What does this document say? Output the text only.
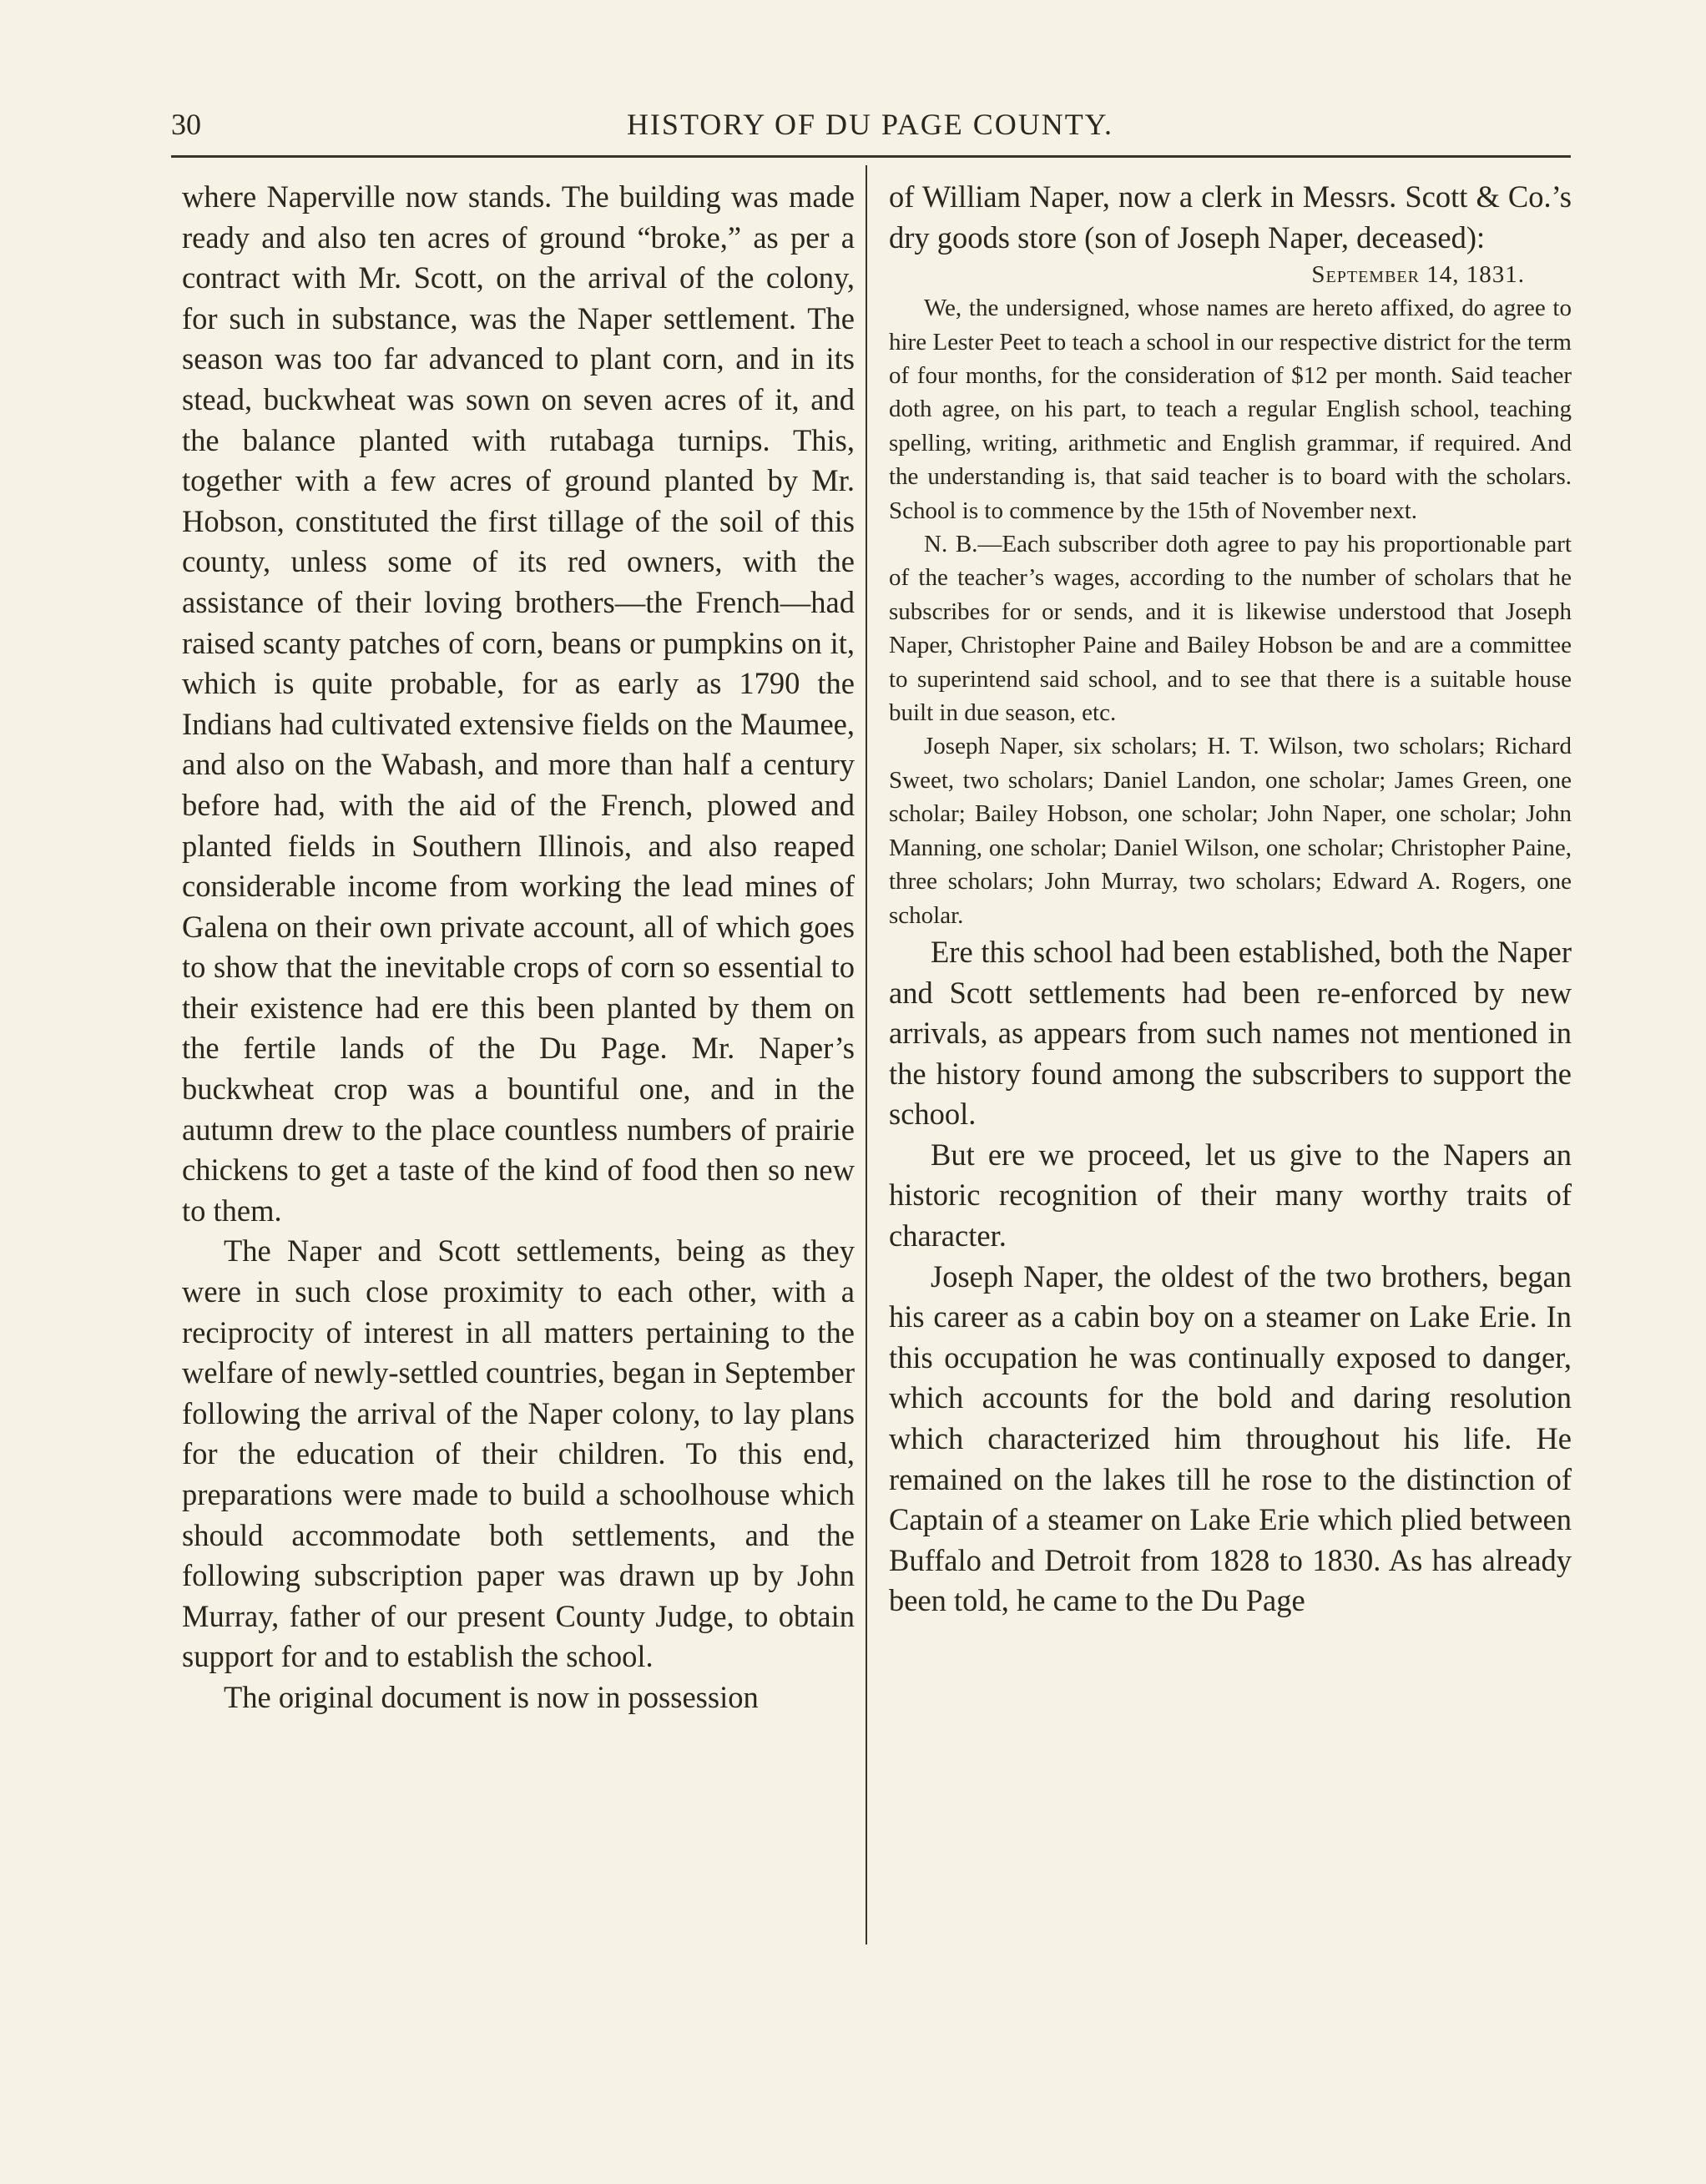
30	HISTORY OF DU PAGE COUNTY.

where Naperville now stands. The building was made ready and also ten acres of ground “broke,” as per a contract with Mr. Scott, on the arrival of the colony, for such in substance, was the Naper settlement. The season was too far advanced to plant corn, and in its stead, buckwheat was sown on seven acres of it, and the balance planted with rutabaga turnips. This, together with a few acres of ground planted by Mr. Hobson, constituted the first tillage of the soil of this county, unless some of its red owners, with the assistance of their loving brothers—the French—had raised scanty patches of corn, beans or pumpkins on it, which is quite probable, for as early as 1790 the Indians had cultivated extensive fields on the Maumee, and also on the Wabash, and more than half a century before had, with the aid of the French, plowed and planted fields in Southern Illinois, and also reaped considerable income from working the lead mines of Galena on their own private account, all of which goes to show that the inevitable crops of corn so essential to their existence had ere this been planted by them on the fertile lands of the Du Page. Mr. Naper’s buckwheat crop was a bountiful one, and in the autumn drew to the place countless numbers of prairie chickens to get a taste of the kind of food then so new to them.

The Naper and Scott settlements, being as they were in such close proximity to each other, with a reciprocity of interest in all matters pertaining to the welfare of newly-settled countries, began in September following the arrival of the Naper colony, to lay plans for the education of their children. To this end, preparations were made to build a schoolhouse which should accommodate both settlements, and the following subscription paper was drawn up by John Murray, father of our present County Judge, to obtain support for and to establish the school.

The original document is now in possession

of William Naper, now a clerk in Messrs. Scott & Co.’s dry goods store (son of Joseph Naper, deceased):

September 14, 1831.

We, the undersigned, whose names are hereto affixed, do agree to hire Lester Peet to teach a school in our respective district for the term of four months, for the consideration of $12 per month. Said teacher doth agree, on his part, to teach a regular English school, teaching spelling, writing, arithmetic and English grammar, if required. And the understanding is, that said teacher is to board with the scholars. School is to commence by the 15th of November next.

N. B.—Each subscriber doth agree to pay his proportionable part of the teacher’s wages, according to the number of scholars that he subscribes for or sends, and it is likewise understood that Joseph Naper, Christopher Paine and Bailey Hobson be and are a committee to superintend said school, and to see that there is a suitable house built in due season, etc.

Joseph Naper, six scholars; H. T. Wilson, two scholars; Richard Sweet, two scholars; Daniel Landon, one scholar; James Green, one scholar; Bailey Hobson, one scholar; John Naper, one scholar; John Manning, one scholar; Daniel Wilson, one scholar; Christopher Paine, three scholars; John Murray, two scholars; Edward A. Rogers, one scholar.

Ere this school had been established, both the Naper and Scott settlements had been re-enforced by new arrivals, as appears from such names not mentioned in the history found among the subscribers to support the school.

But ere we proceed, let us give to the Napers an historic recognition of their many worthy traits of character.

Joseph Naper, the oldest of the two brothers, began his career as a cabin boy on a steamer on Lake Erie. In this occupation he was continually exposed to danger, which accounts for the bold and daring resolution which characterized him throughout his life. He remained on the lakes till he rose to the distinction of Captain of a steamer on Lake Erie which plied between Buffalo and Detroit from 1828 to 1830. As has already been told, he came to the Du Page
